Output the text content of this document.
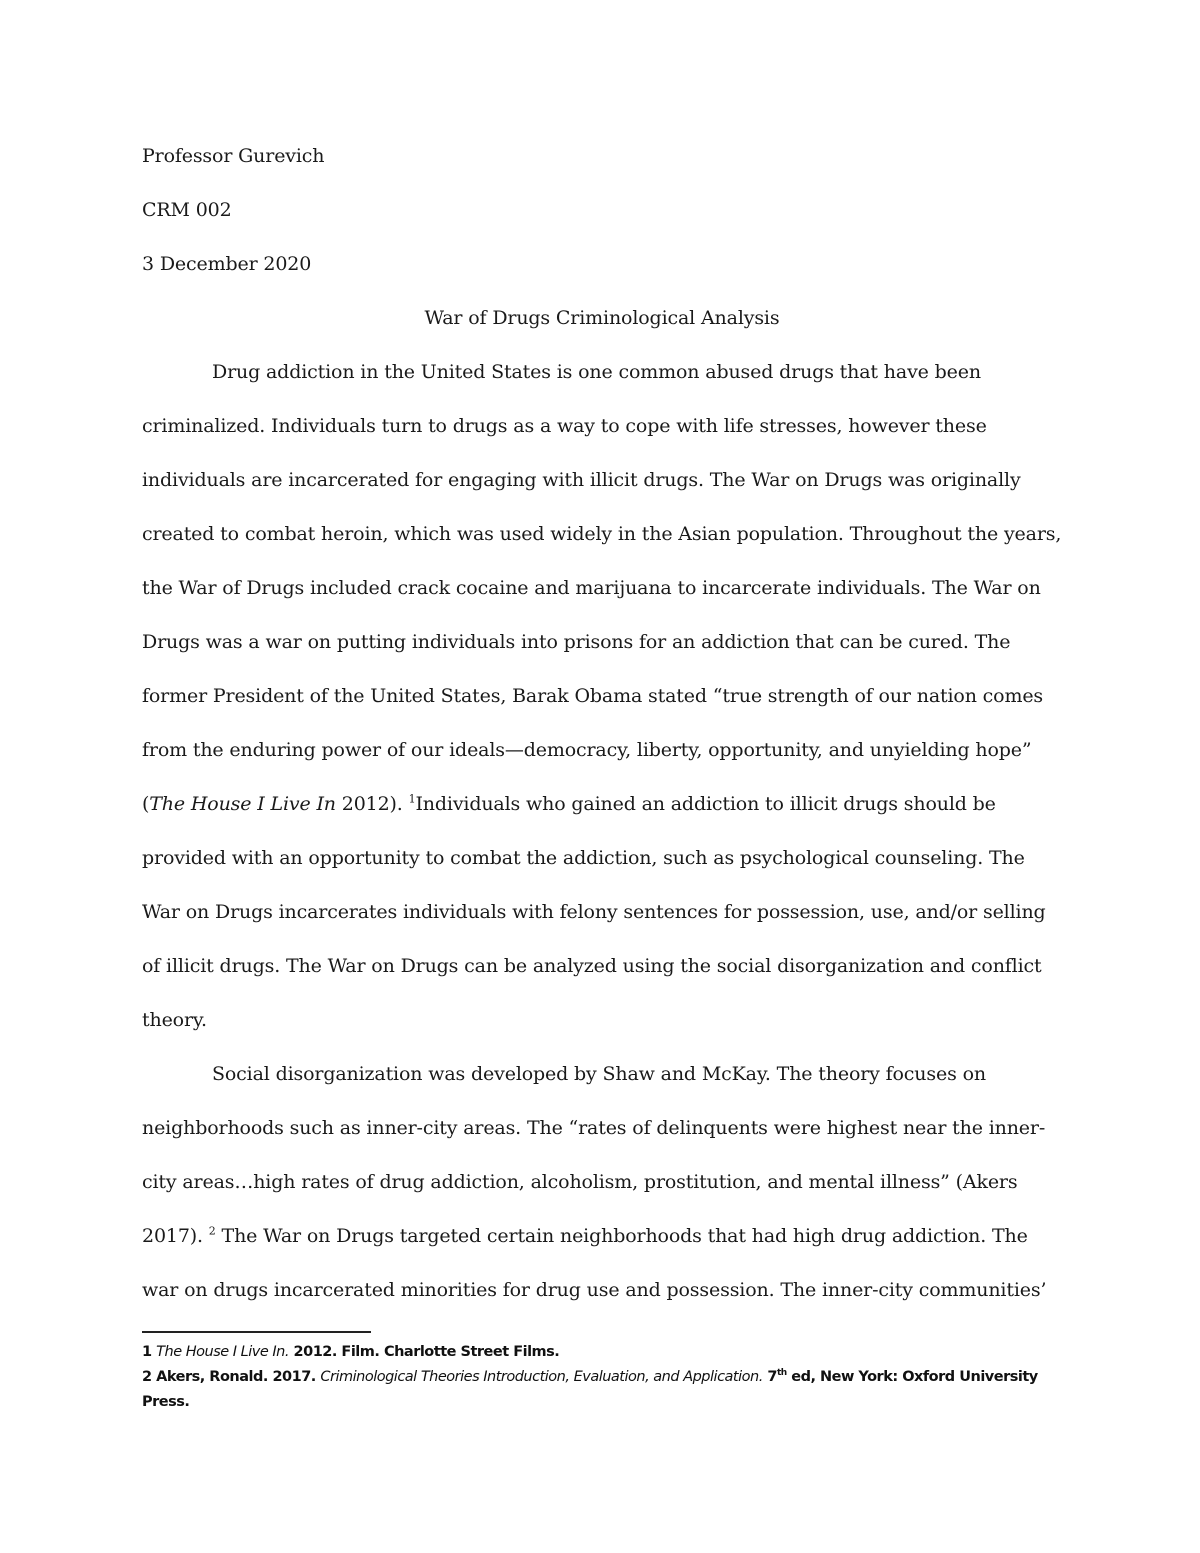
Professor Gurevich
CRM 002
3 December 2020
War of Drugs Criminological Analysis

Drug addiction in the United States is one common abused drugs that have been criminalized. Individuals turn to drugs as a way to cope with life stresses, however these individuals are incarcerated for engaging with illicit drugs. The War on Drugs was originally created to combat heroin, which was used widely in the Asian population. Throughout the years, the War of Drugs included crack cocaine and marijuana to incarcerate individuals. The War on Drugs was a war on putting individuals into prisons for an addiction that can be cured. The former President of the United States, Barak Obama stated “true strength of our nation comes from the enduring power of our ideals—democracy, liberty, opportunity, and unyielding hope” (The House I Live In 2012). $^1$Individuals who gained an addiction to illicit drugs should be provided with an opportunity to combat the addiction, such as psychological counseling. The War on Drugs incarcerates individuals with felony sentences for possession, use, and/or selling of illicit drugs. The War on Drugs can be analyzed using the social disorganization and conflict theory.

Social disorganization was developed by Shaw and McKay. The theory focuses on neighborhoods such as inner-city areas. The “rates of delinquents were highest near the inner-city areas…high rates of drug addiction, alcoholism, prostitution, and mental illness” (Akers 2017). $^2$ The War on Drugs targeted certain neighborhoods that had high drug addiction. The war on drugs incarcerated minorities for drug use and possession. The inner-city communities’

1 The House I Live In. 2012. Film. Charlotte Street Films.

2 Akers, Ronald. 2017. Criminological Theories Introduction, Evaluation, and Application. 7th ed, New York: Oxford University Press.
